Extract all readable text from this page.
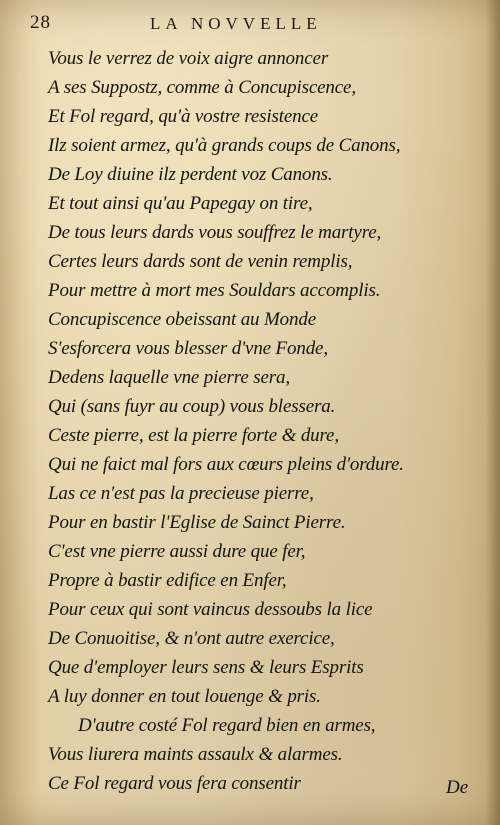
28	LA NOVVELLE
Vous le verrez de voix aigre annoncer
A ses Suppostz, comme à Concupiscence,
Et Fol regard, qu'à vostre resistence
Ilz soient armez, qu'à grands coups de Canons,
De Loy diuine ilz perdent voz Canons.
Et tout ainsi qu'au Papegay on tire,
De tous leurs dards vous souffrez le martyre,
Certes leurs dards sont de venin remplis,
Pour mettre à mort mes Souldars accomplis.
Concupiscence obeissant au Monde
S'esforcera vous blesser d'vne Fonde,
Dedens laquelle vne pierre sera,
Qui (sans fuyr au coup) vous blessera.
Ceste pierre, est la pierre forte & dure,
Qui ne faict mal fors aux cœurs pleins d'ordure.
Las ce n'est pas la precieuse pierre,
Pour en bastir l'Eglise de Sainct Pierre.
C'est vne pierre aussi dure que fer,
Propre à bastir edifice en Enfer,
Pour ceux qui sont vaincus dessoubs la lice
De Conuoitise, & n'ont autre exercice,
Que d'employer leurs sens & leurs Esprits
A luy donner en tout louenge & pris.
D'autre costé Fol regard bien en armes,
Vous liurera maints assaulx & alarmes.
Ce Fol regard vous fera consentir	De
